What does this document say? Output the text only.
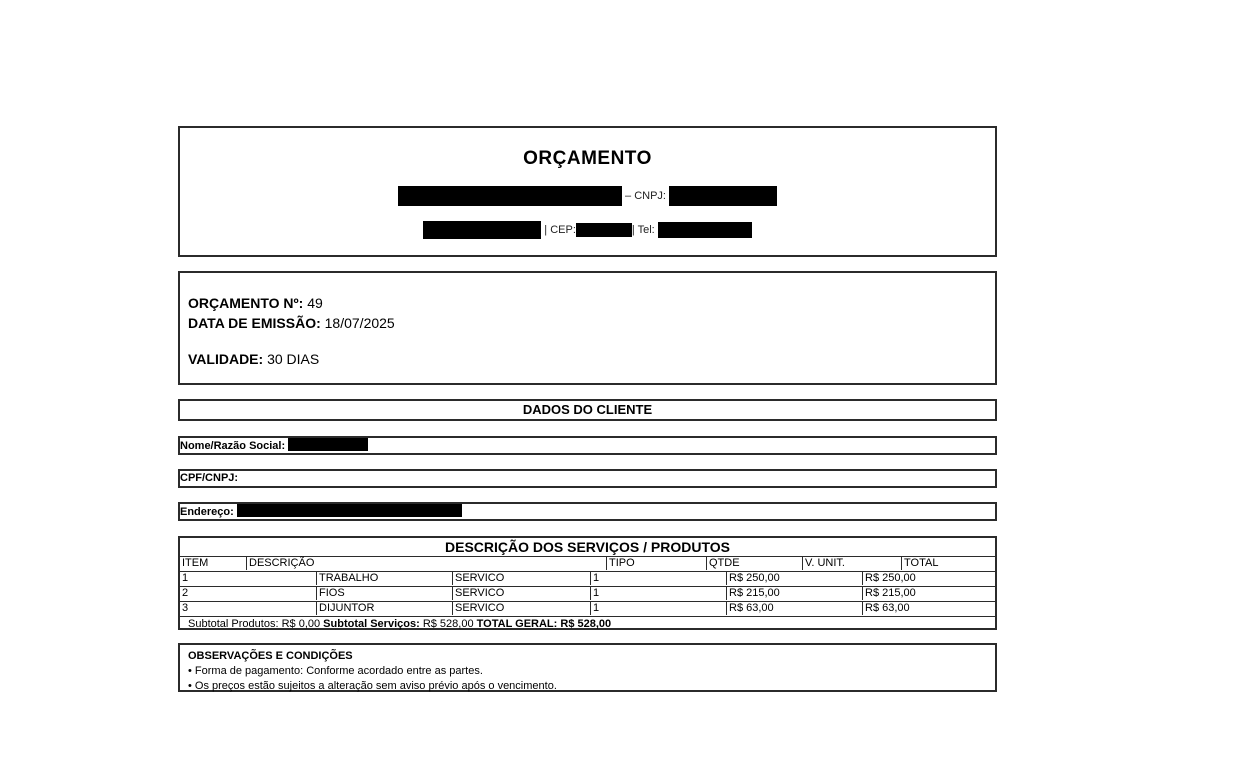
ORÇAMENTO
– CNPJ:
| CEP:	| Tel:
ORÇAMENTO Nº: 49
DATA DE EMISSÃO: 18/07/2025
VALIDADE: 30 DIAS
DADOS DO CLIENTE
Nome/Razão Social:
CPF/CNPJ:
Endereço:
DESCRIÇÃO DOS SERVIÇOS / PRODUTOS
ITEM	DESCRIÇÃO	TIPO	QTDE	V. UNIT.	TOTAL
1	TRABALHO	SERVICO	1	R$ 250,00	R$ 250,00
2	FIOS	SERVICO	1	R$ 215,00	R$ 215,00
3	DIJUNTOR	SERVICO	1	R$ 63,00	R$ 63,00
Subtotal Produtos: R$ 0,00 Subtotal Serviços: R$ 528,00 TOTAL GERAL: R$ 528,00
OBSERVAÇÕES E CONDIÇÕES
• Forma de pagamento: Conforme acordado entre as partes.
• Os preços estão sujeitos a alteração sem aviso prévio após o vencimento.
